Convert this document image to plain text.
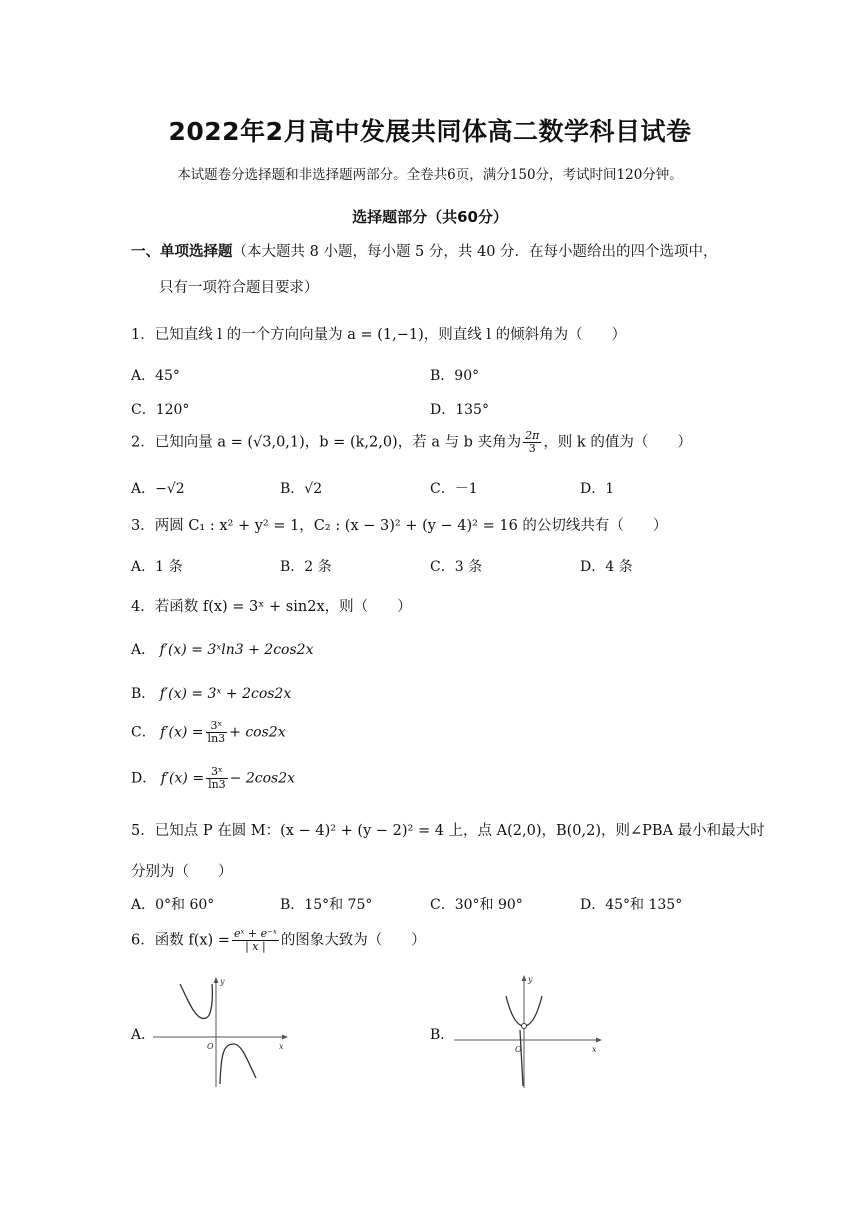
2022年2月高中发展共同体高二数学科目试卷
本试题卷分选择题和非选择题两部分。全卷共6页，满分150分，考试时间120分钟。
选择题部分（共60分）
一、单项选择题（本大题共 8 小题，每小题 5 分，共 40 分．在每小题给出的四个选项中，
只有一项符合题目要求）
1．已知直线 l 的一个方向向量为 a = (1,−1)，则直线 l 的倾斜角为（　　）
A．45°	B．90°
C．120°	D．135°
2．已知向量 a = (√3,0,1)，b = (k,2,0)，若 a 与 b 夹角为 $\frac{2\pi}{3}$ ，则 k 的值为（　　）
A．−√2	B．√2	C．－1	D．1
3．两圆 C₁ : x² + y² = 1，C₂ : (x − 3)² + (y − 4)² = 16 的公切线共有（　　）
A．1 条	B．2 条	C．3 条	D．4 条
4．若函数 f(x) = 3ˣ + sin2x，则（　　）
A． f′(x) = 3ˣln3 + 2cos2x
B． f′(x) = 3ˣ + 2cos2x
C． $f'(x) = \frac{\text{3ˣ}}{\ln 3} + \cos 2x$
D． $f'(x) = \frac{\text{3ˣ}}{\ln 3} - 2\cos 2x$
5．已知点 P 在圆 M：(x − 4)² + (y − 2)² = 4 上，点 A(2,0)，B(0,2)，则∠PBA 最小和最大时
分别为（　　）
A．0°和 60°	B．15°和 75°	C．30°和 90°	D．45°和 135°
6．函数 $f(x) = \frac{\text{eˣ + e⁻ˣ}}{| x |}$ 的图象大致为（　　）
A．	B．
O	x
y
O	x
y
